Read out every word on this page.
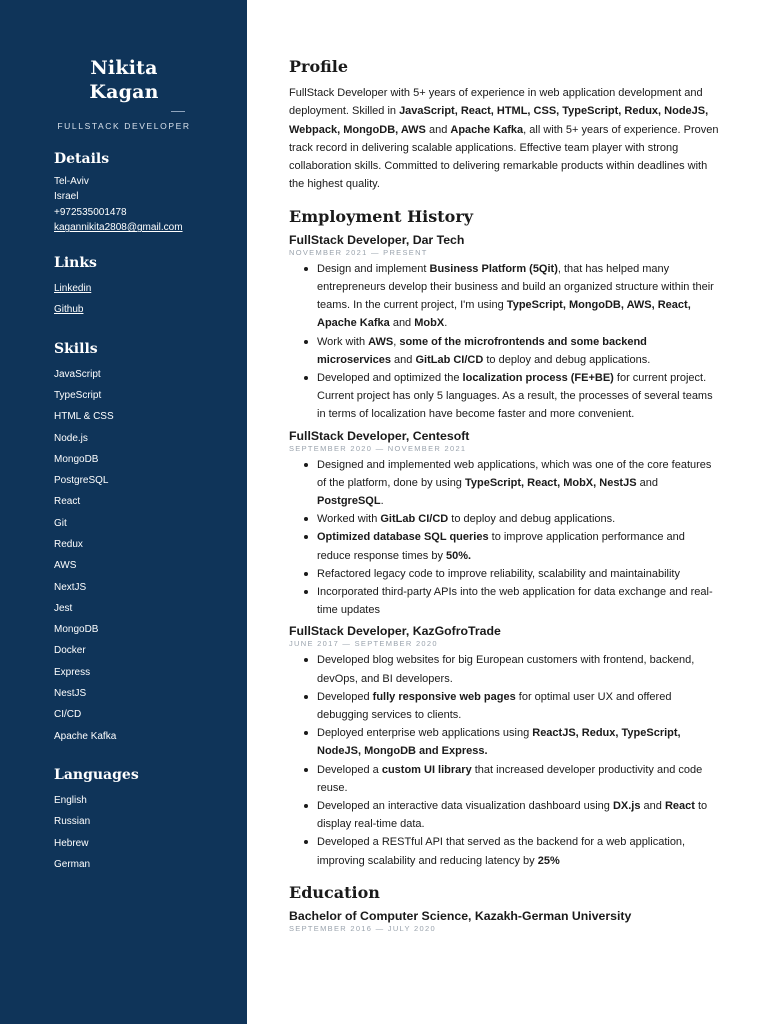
Nikita Kagan
FULLSTACK DEVELOPER
Details
Tel-Aviv
Israel
+972535001478
kagannikita2808@gmail.com
Links
Linkedin
Github
Skills
JavaScript
TypeScript
HTML & CSS
Node.js
MongoDB
PostgreSQL
React
Git
Redux
AWS
NextJS
Jest
MongoDB
Docker
Express
NestJS
CI/CD
Apache Kafka
Languages
English
Russian
Hebrew
German
Profile

FullStack Developer with 5+ years of experience in web application development and deployment. Skilled in JavaScript, React, HTML, CSS, TypeScript, Redux, NodeJS, Webpack, MongoDB, AWS and Apache Kafka, all with 5+ years of experience. Proven track record in delivering scalable applications. Effective team player with strong collaboration skills. Committed to delivering remarkable products within deadlines with the highest quality.

Employment History
FullStack Developer, Dar Tech
NOVEMBER 2021 — PRESENT
Design and implement Business Platform (5Qit), that has helped many entrepreneurs develop their business and build an organized structure within their teams. In the current project, I'm using TypeScript, MongoDB, AWS, React, Apache Kafka and MobX.
Work with AWS, some of the microfrontends and some backend microservices and GitLab CI/CD to deploy and debug applications.
Developed and optimized the localization process (FE+BE) for current project. Current project has only 5 languages. As a result, the processes of several teams in terms of localization have become faster and more convenient.
FullStack Developer, Centesoft
SEPTEMBER 2020 — NOVEMBER 2021
Designed and implemented web applications, which was one of the core features of the platform, done by using TypeScript, React, MobX, NestJS and PostgreSQL.
Worked with GitLab CI/CD to deploy and debug applications.
Optimized database SQL queries to improve application performance and reduce response times by 50%.
Refactored legacy code to improve reliability, scalability and maintainability
Incorporated third-party APIs into the web application for data exchange and real-time updates
FullStack Developer, KazGofroTrade
JUNE 2017 — SEPTEMBER 2020
Developed blog websites for big European customers with frontend, backend, devOps, and BI developers.
Developed fully responsive web pages for optimal user UX and offered debugging services to clients.
Deployed enterprise web applications using ReactJS, Redux, TypeScript, NodeJS, MongoDB and Express.
Developed a custom UI library that increased developer productivity and code reuse.
Developed an interactive data visualization dashboard using DX.js and React to display real-time data.
Developed a RESTful API that served as the backend for a web application, improving scalability and reducing latency by 25%
Education
Bachelor of Computer Science, Kazakh-German University
SEPTEMBER 2016 — JULY 2020
